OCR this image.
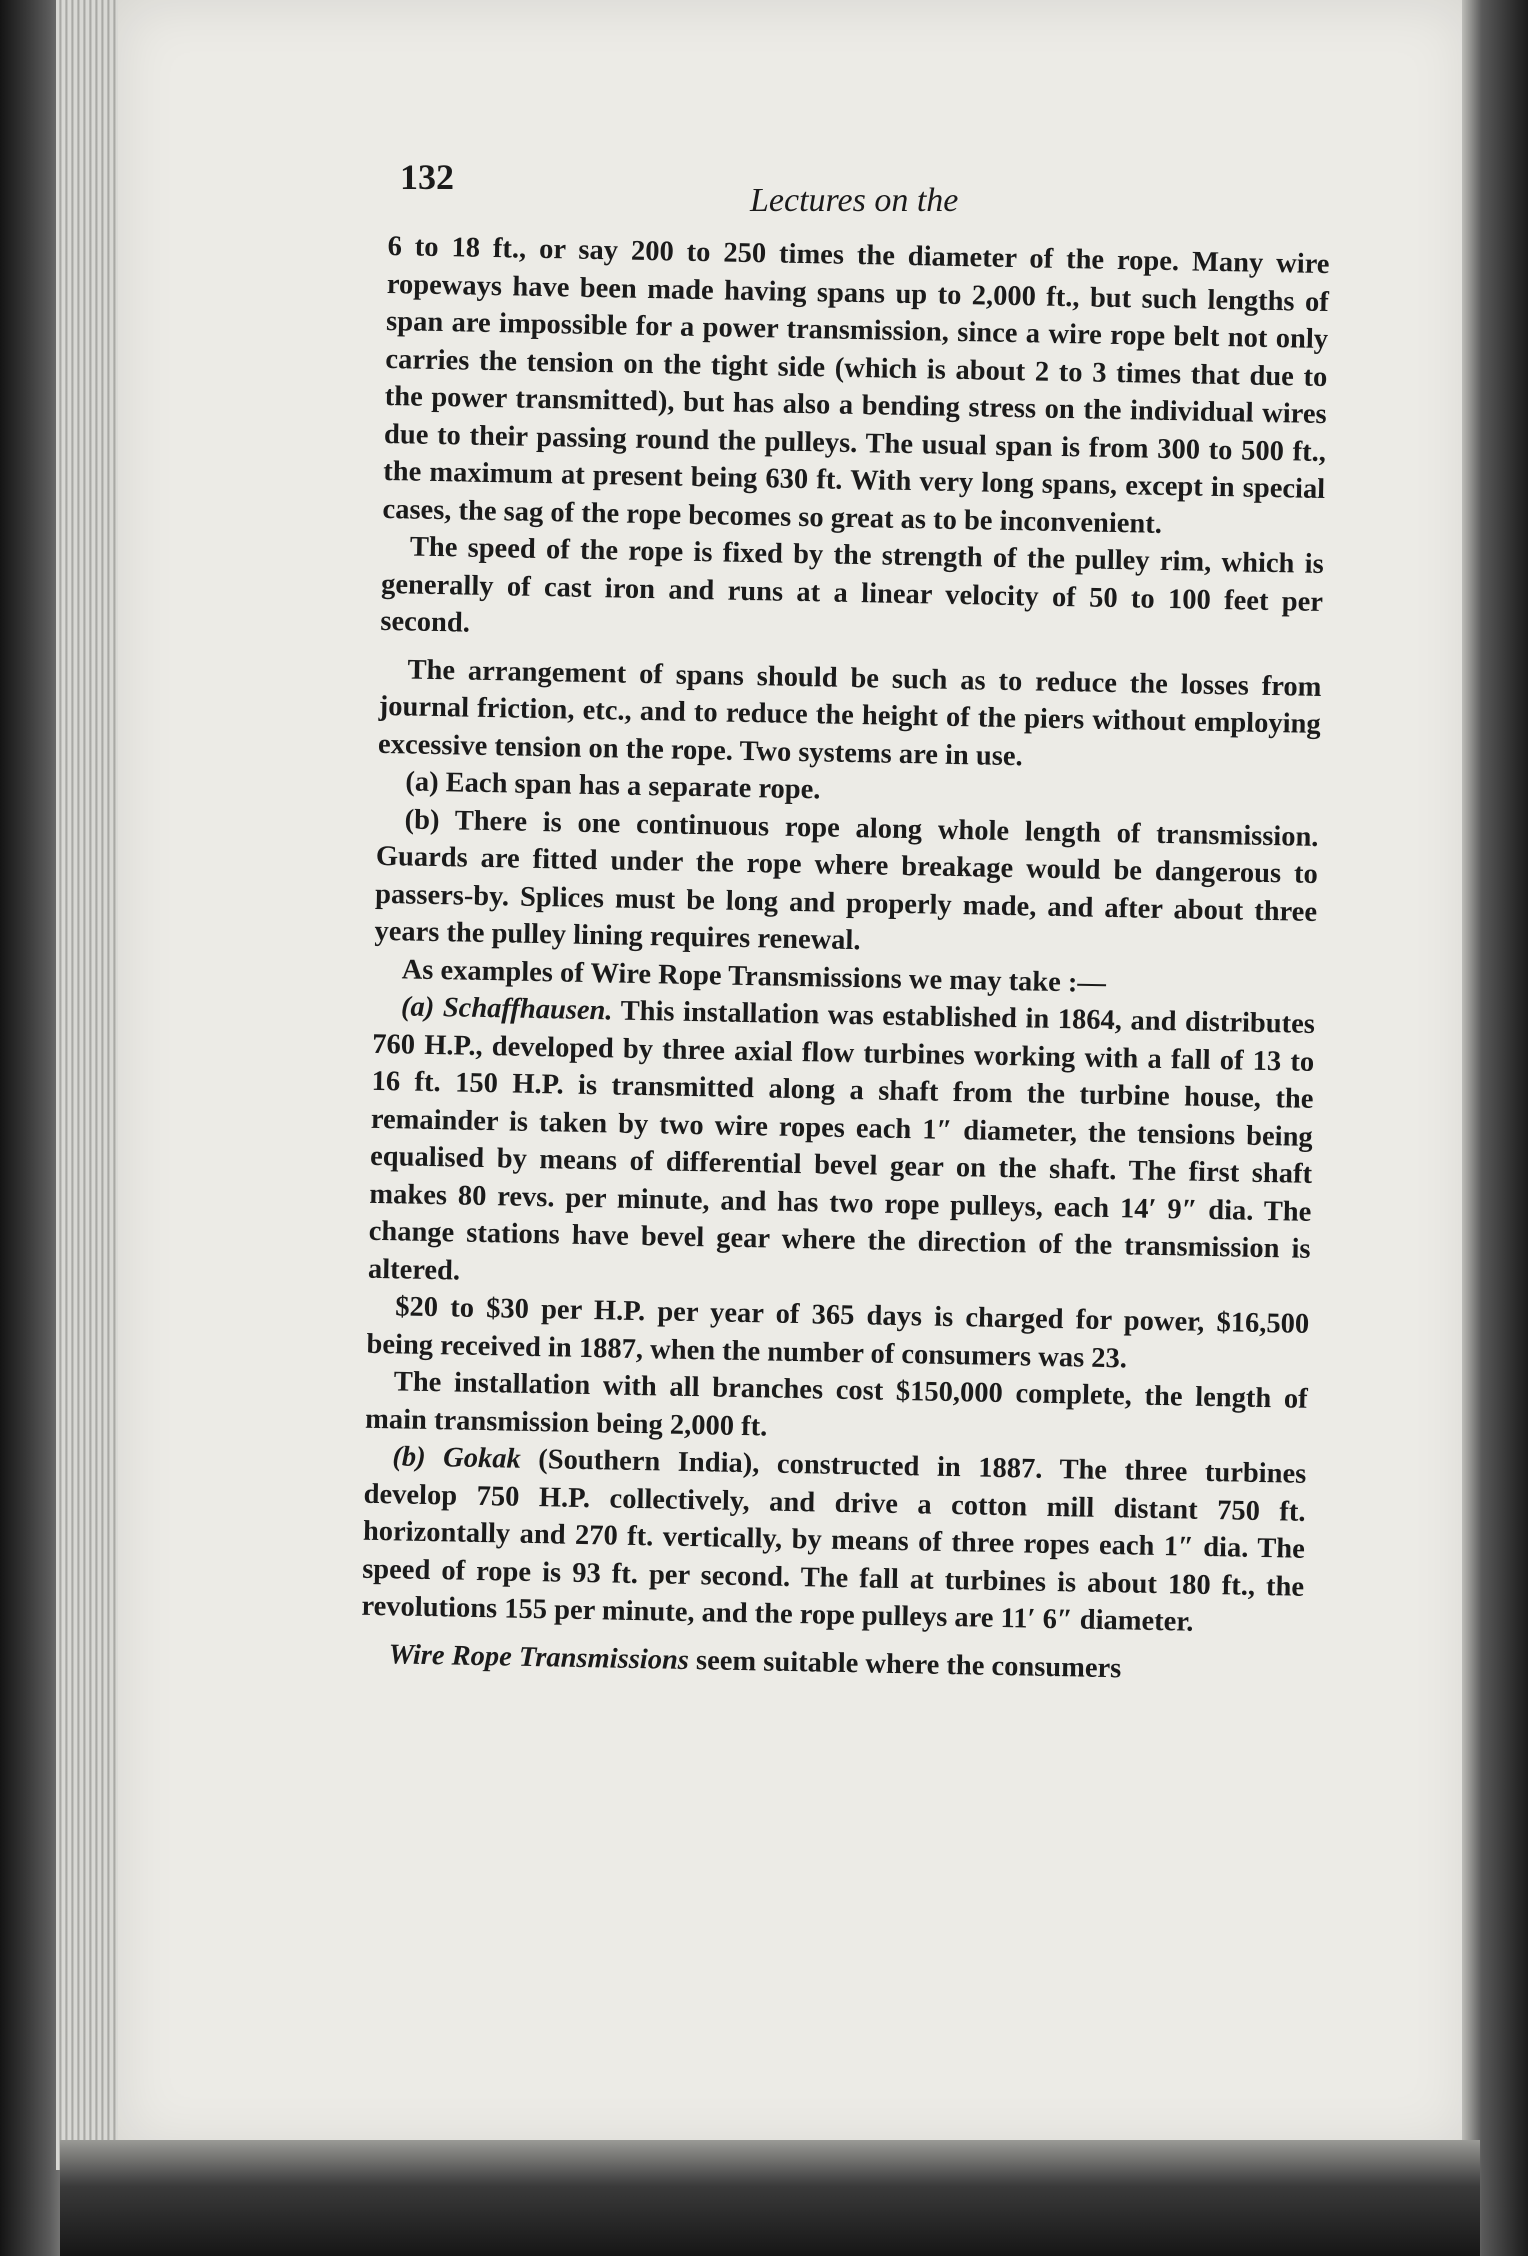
132
Lectures on the

6 to 18 ft., or say 200 to 250 times the diameter of the rope. Many wire ropeways have been made having spans up to 2,000 ft., but such lengths of span are impossible for a power transmission, since a wire rope belt not only carries the tension on the tight side (which is about 2 to 3 times that due to the power transmitted), but has also a bending stress on the individual wires due to their passing round the pulleys. The usual span is from 300 to 500 ft., the maximum at present being 630 ft. With very long spans, except in special cases, the sag of the rope becomes so great as to be inconvenient.

The speed of the rope is fixed by the strength of the pulley rim, which is generally of cast iron and runs at a linear velocity of 50 to 100 feet per second.

The arrangement of spans should be such as to reduce the losses from journal friction, etc., and to reduce the height of the piers without employing excessive tension on the rope. Two systems are in use.

(a) Each span has a separate rope.

(b) There is one continuous rope along whole length of transmission. Guards are fitted under the rope where breakage would be dangerous to passers-by. Splices must be long and properly made, and after about three years the pulley lining requires renewal.

As examples of Wire Rope Transmissions we may take :—

(a) Schaffhausen. This installation was established in 1864, and distributes 760 H.P., developed by three axial flow turbines working with a fall of 13 to 16 ft. 150 H.P. is transmitted along a shaft from the turbine house, the remainder is taken by two wire ropes each 1″ diameter, the tensions being equalised by means of differential bevel gear on the shaft. The first shaft makes 80 revs. per minute, and has two rope pulleys, each 14′ 9″ dia. The change stations have bevel gear where the direction of the transmission is altered.

$20 to $30 per H.P. per year of 365 days is charged for power, $16,500 being received in 1887, when the number of consumers was 23.

The installation with all branches cost $150,000 complete, the length of main transmission being 2,000 ft.

(b) Gokak (Southern India), constructed in 1887. The three turbines develop 750 H.P. collectively, and drive a cotton mill distant 750 ft. horizontally and 270 ft. vertically, by means of three ropes each 1″ dia. The speed of rope is 93 ft. per second. The fall at turbines is about 180 ft., the revolutions 155 per minute, and the rope pulleys are 11′ 6″ diameter.

Wire Rope Transmissions seem suitable where the consumers
